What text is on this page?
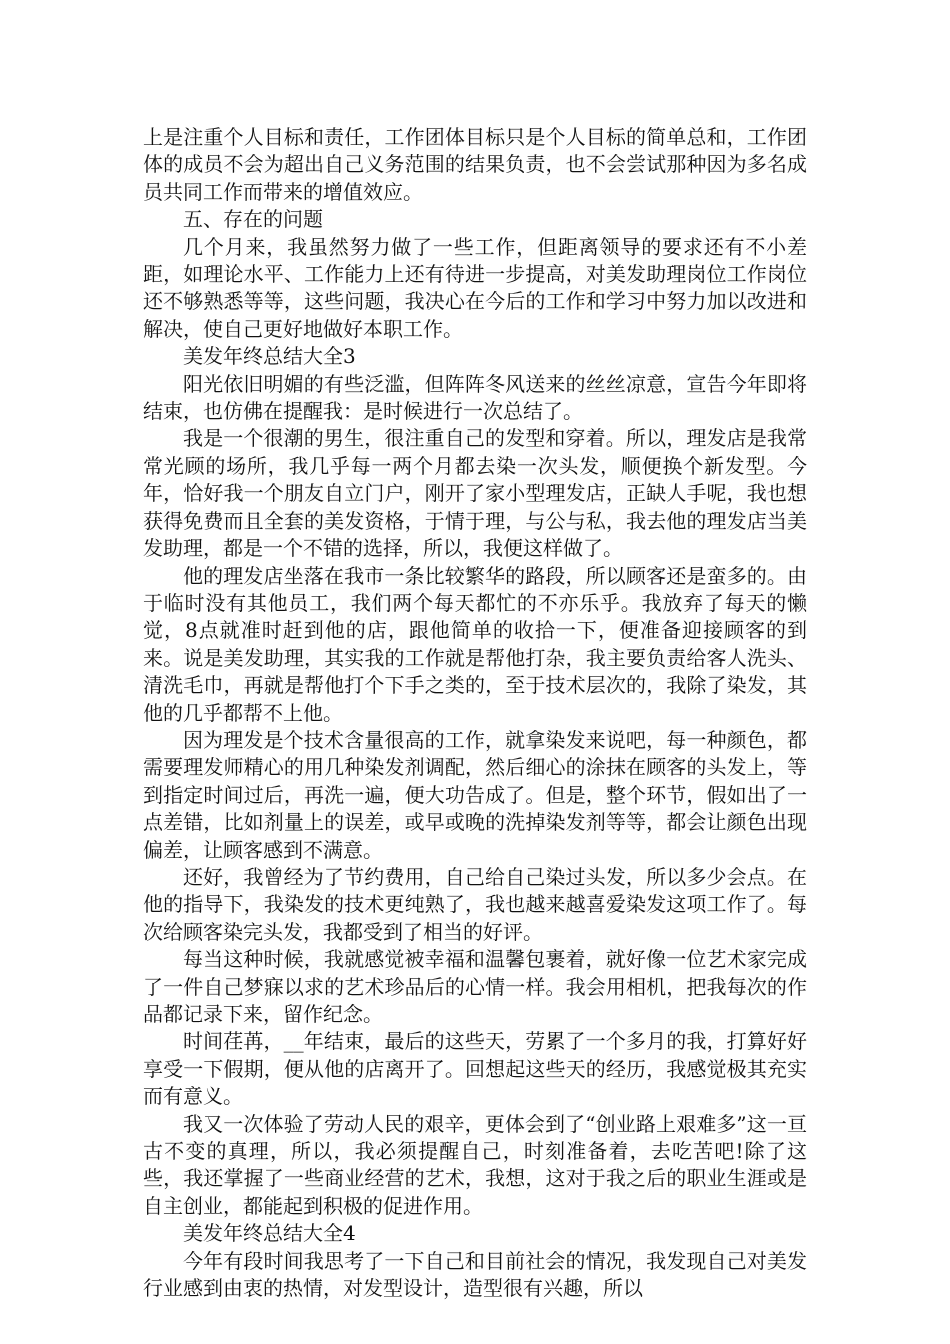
上是注重个人目标和责任，工作团体目标只是个人目标的简单总和，工作团体的成员不会为超出自己义务范围的结果负责，也不会尝试那种因为多名成员共同工作而带来的增值效应。

五、存在的问题

几个月来，我虽然努力做了一些工作，但距离领导的要求还有不小差距，如理论水平、工作能力上还有待进一步提高，对美发助理岗位工作岗位还不够熟悉等等，这些问题，我决心在今后的工作和学习中努力加以改进和解决，使自己更好地做好本职工作。

美发年终总结大全3

阳光依旧明媚的有些泛滥，但阵阵冬风送来的丝丝凉意，宣告今年即将结束，也仿佛在提醒我：是时候进行一次总结了。

我是一个很潮的男生，很注重自己的发型和穿着。所以，理发店是我常常光顾的场所，我几乎每一两个月都去染一次头发，顺便换个新发型。今年，恰好我一个朋友自立门户，刚开了家小型理发店，正缺人手呢，我也想获得免费而且全套的美发资格，于情于理，与公与私，我去他的理发店当美发助理，都是一个不错的选择，所以，我便这样做了。

他的理发店坐落在我市一条比较繁华的路段，所以顾客还是蛮多的。由于临时没有其他员工，我们两个每天都忙的不亦乐乎。我放弃了每天的懒觉，8点就准时赶到他的店，跟他简单的收拾一下，便准备迎接顾客的到来。说是美发助理，其实我的工作就是帮他打杂，我主要负责给客人洗头、清洗毛巾，再就是帮他打个下手之类的，至于技术层次的，我除了染发，其他的几乎都帮不上他。

因为理发是个技术含量很高的工作，就拿染发来说吧，每一种颜色，都需要理发师精心的用几种染发剂调配，然后细心的涂抹在顾客的头发上，等到指定时间过后，再洗一遍，便大功告成了。但是，整个环节，假如出了一点差错，比如剂量上的误差，或早或晚的洗掉染发剂等等，都会让颜色出现偏差，让顾客感到不满意。

还好，我曾经为了节约费用，自己给自己染过头发，所以多少会点。在他的指导下，我染发的技术更纯熟了，我也越来越喜爱染发这项工作了。每次给顾客染完头发，我都受到了相当的好评。

每当这种时候，我就感觉被幸福和温馨包裹着，就好像一位艺术家完成了一件自己梦寐以求的艺术珍品后的心情一样。我会用相机，把我每次的作品都记录下来，留作纪念。

时间荏苒，__年结束，最后的这些天，劳累了一个多月的我，打算好好享受一下假期，便从他的店离开了。回想起这些天的经历，我感觉极其充实而有意义。

我又一次体验了劳动人民的艰辛，更体会到了“创业路上艰难多”这一亘古不变的真理，所以，我必须提醒自己，时刻准备着，去吃苦吧!除了这些，我还掌握了一些商业经营的艺术，我想，这对于我之后的职业生涯或是自主创业，都能起到积极的促进作用。

美发年终总结大全4

今年有段时间我思考了一下自己和目前社会的情况，我发现自己对美发行业感到由衷的热情，对发型设计，造型很有兴趣，所以
